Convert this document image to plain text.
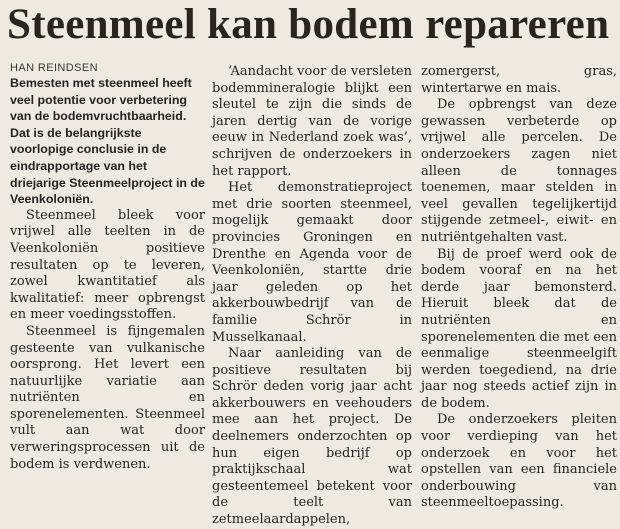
Steenmeel kan bodem repareren

HAN REINDSEN

Bemesten met steenmeel heeft veel potentie voor verbetering van de bodemvruchtbaarheid. Dat is de belangrijkste voorlopige conclusie in de eindrapportage van het driejarige Steenmeelproject in de Veenkoloniën.

Steenmeel bleek voor vrijwel alle teelten in de Veenkoloniën positieve resultaten op te leveren, zowel kwantitatief als kwalitatief: meer opbrengst en meer voedingsstoffen.

Steenmeel is fijngemalen gesteente van vulkanische oorsprong. Het levert een natuurlijke variatie aan nutriënten en sporenelementen. Steenmeel vult aan wat door verweringsprocessen uit de bodem is verdwenen.

‘Aandacht voor de versleten bodemmineralogie blijkt een sleutel te zijn die sinds de jaren dertig van de vorige eeuw in Nederland zoek was’, schrijven de onderzoekers in het rapport.

Het demonstratieproject met drie soorten steenmeel, mogelijk gemaakt door provincies Groningen en Drenthe en Agenda voor de Veenkoloniën, startte drie jaar geleden op het akkerbouwbedrijf van de familie Schrör in Musselkanaal.

Naar aanleiding van de positieve resultaten bij Schrör deden vorig jaar acht akkerbouwers en veehouders mee aan het project. De deelnemers onderzochten op hun eigen bedrijf op praktijkschaal wat gesteentemeel betekent voor de teelt van zetmeelaardappelen,

zomergerst, gras, wintertarwe en mais.

De opbrengst van deze gewassen verbeterde op vrijwel alle percelen. De onderzoekers zagen niet alleen de tonnages toenemen, maar stelden in veel gevallen tegelijkertijd stijgende zetmeel-, eiwit- en nutriëntgehalten vast.

Bij de proef werd ook de bodem vooraf en na het derde jaar bemonsterd. Hieruit bleek dat de nutriënten en sporenelementen die met een eenmalige steenmeelgift werden toegediend, na drie jaar nog steeds actief zijn in de bodem.

De onderzoekers pleiten voor verdieping van het onderzoek en voor het opstellen van een financiele onderbouwing van steenmeeltoepassing.
